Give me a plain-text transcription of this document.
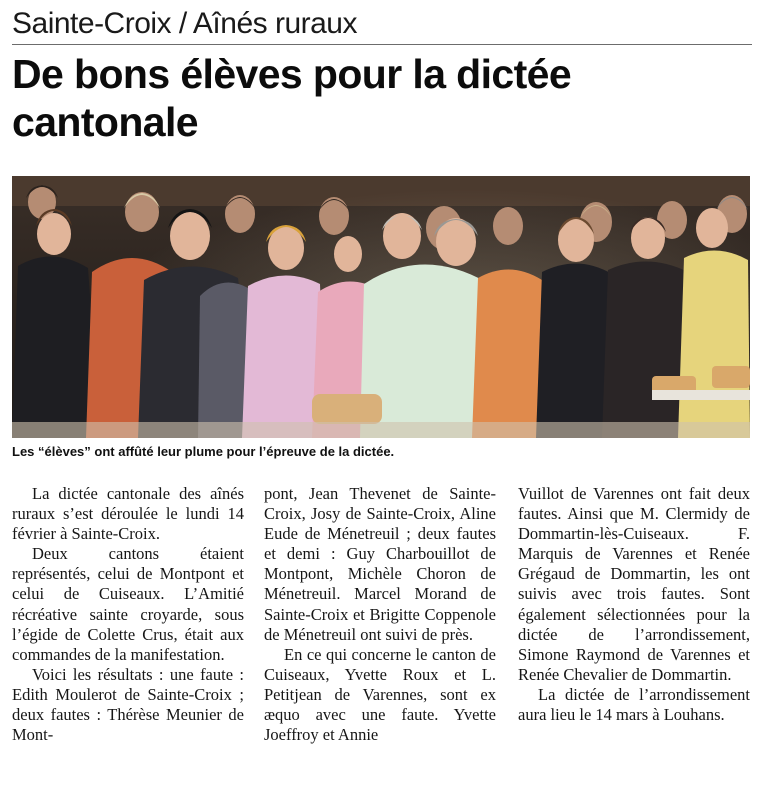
Sainte-Croix / Aînés ruraux
De bons élèves pour la dictée cantonale
Les “élèves” ont affûté leur plume pour l’épreuve de la dictée.

La dictée cantonale des aînés ruraux s’est déroulée le lundi 14 février à Sainte-Croix.

Deux cantons étaient représentés, celui de Montpont et celui de Cuiseaux. L’Amitié récréative sainte croyarde, sous l’égide de Colette Crus, était aux commandes de la manifestation.

Voici les résultats : une faute : Edith Moulerot de Sainte-Croix ; deux fautes : Thérèse Meunier de Mont-

pont, Jean Thevenet de Sainte-Croix, Josy de Sainte-Croix, Aline Eude de Ménetreuil ; deux fautes et demi : Guy Charbouillot de Montpont, Michèle Choron de Ménetreuil. Marcel Morand de Sainte-Croix et Brigitte Coppenole de Ménetreuil ont suivi de près.

En ce qui concerne le canton de Cuiseaux, Yvette Roux et L. Petitjean de Varennes, sont ex æquo avec une faute. Yvette Joeffroy et Annie

Vuillot de Varennes ont fait deux fautes. Ainsi que M. Clermidy de Dommartin-lès-Cuiseaux. F. Marquis de Varennes et Renée Grégaud de Dommartin, les ont suivis avec trois fautes. Sont également sélectionnées pour la dictée de l’arrondissement, Simone Raymond de Varennes et Renée Chevalier de Dommartin.

La dictée de l’arrondissement aura lieu le 14 mars à Louhans.
